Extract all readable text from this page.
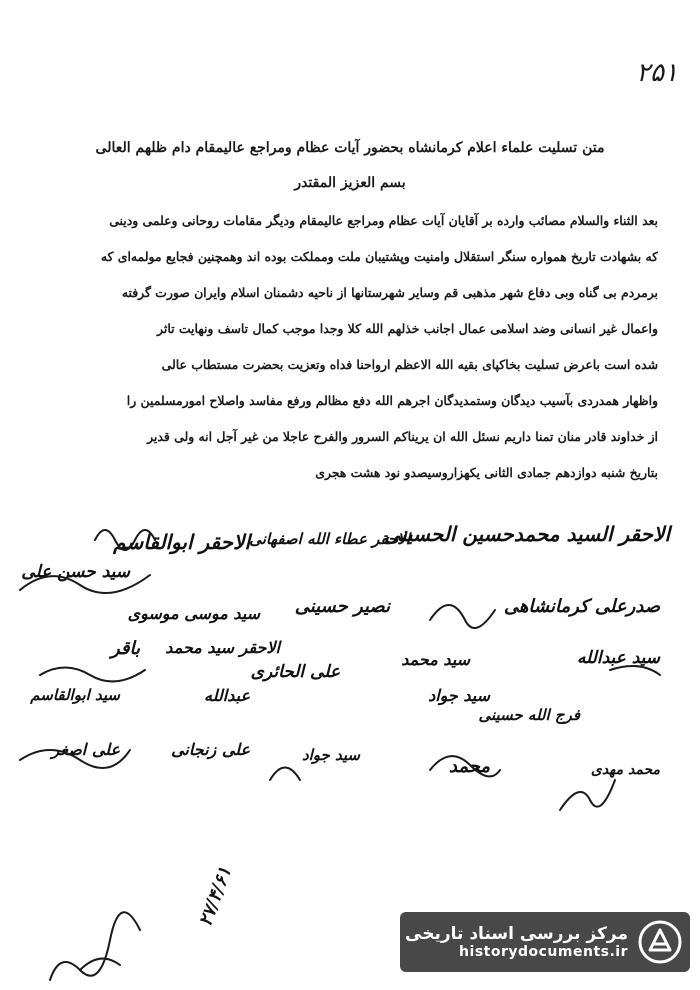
۲۵۱
متن تسلیت علماء اعلام کرمانشاه بحضور آیات عظام ومراجع عالیمقام دام ظلهم العالی
بسم العزیز المقتدر
بعد الثناء والسلام مصائب وارده بر آقایان آیات عظام ومراجع عالیمقام ودیگر مقامات روحانی وعلمی ودینی
که بشهادت تاریخ همواره سنگر استقلال وامنیت وپشتیبان ملت ومملکت بوده اند وهمچنین فجایع مولمه‌ای که
برمردم بی گناه وبی دفاع شهر مذهبی قم وسایر شهرستانها از ناحیه دشمنان اسلام وایران صورت گرفته
واعمال غیر انسانی وضد اسلامی عمال اجانب خذلهم الله کلا وجدا موجب کمال تاسف ونهایت تاثر
شده است باعرض تسلیت بخاکپای بقیه الله الاعظم ارواحنا فداه وتعزیت بحضرت مستطاب عالی
واظهار همدردی بآسیب دیدگان وستمدیدگان اجرهم الله دفع مظالم ورفع مفاسد واصلاح امورمسلمین را
از خداوند قادر منان تمنا داریم نسئل الله ان یریناکم السرور والفرح عاجلا من غیر آجل انه ولی قدیر
بتاریخ شنبه دوازدهم جمادی الثانی یکهزاروسیصدو نود هشت هجری
الاحقر السید محمدحسین الحسینی
الاحقر عطاء الله اصفهانی
الاحقر ابوالقاسم
سید حسن علی
سید موسی موسوی نصیر حسینی	صدرعلی کرمانشاهی
سید عبدالله
الاحقر سید محمد
باقر
سید محمد
علی الحائری
عبدالله
سید ابوالقاسم	سید جواد
فرج الله حسینی
علی اصغر	علی زنجانی	سید جواد
محمد	محمد مهدی
۲۷/۴/۶۱
مرکز بررسی اسناد تاریخی
historydocuments.ir
